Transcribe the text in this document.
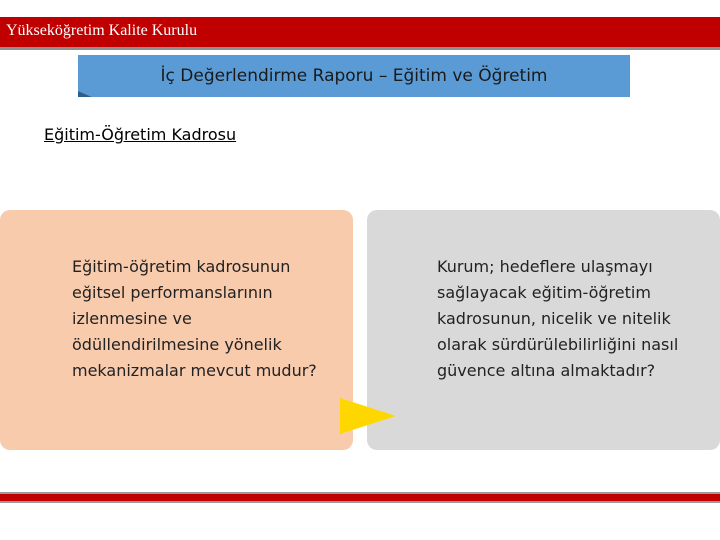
Yükseköğretim Kalite Kurulu
İç Değerlendirme Raporu – Eğitim ve Öğretim
Eğitim-Öğretim Kadrosu
Eğitim-öğretim kadrosunun eğitsel performanslarının izlenmesine ve ödüllendirilmesine yönelik mekanizmalar mevcut mudur?
Kurum; hedeflere ulaşmayı sağlayacak eğitim-öğretim kadrosunun, nicelik ve nitelik olarak sürdürülebilirliğini nasıl güvence altına almaktadır?
